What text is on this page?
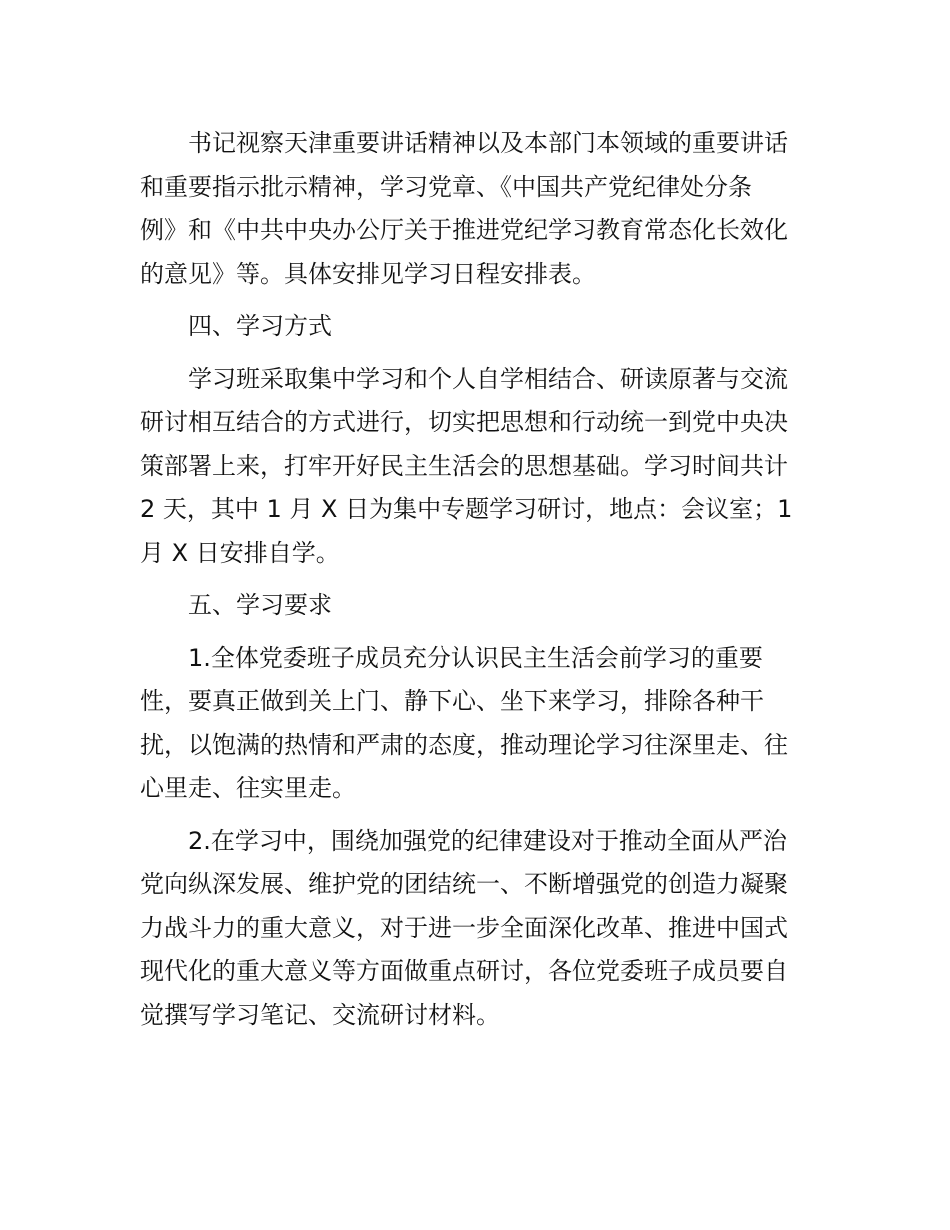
书记视察天津重要讲话精神以及本部门本领域的重要讲话
和重要指示批示精神，学习党章、《中国共产党纪律处分条
例》和《中共中央办公厅关于推进党纪学习教育常态化长效化
的意见》等。具体安排见学习日程安排表。

四、学习方式

学习班采取集中学习和个人自学相结合、研读原著与交流
研讨相互结合的方式进行，切实把思想和行动统一到党中央决
策部署上来，打牢开好民主生活会的思想基础。学习时间共计
2 天，其中 1 月 X 日为集中专题学习研讨，地点：会议室；1
月 X 日安排自学。

五、学习要求

1.全体党委班子成员充分认识民主生活会前学习的重要
性，要真正做到关上门、静下心、坐下来学习，排除各种干
扰，以饱满的热情和严肃的态度，推动理论学习往深里走、往
心里走、往实里走。

2.在学习中，围绕加强党的纪律建设对于推动全面从严治
党向纵深发展、维护党的团结统一、不断增强党的创造力凝聚
力战斗力的重大意义，对于进一步全面深化改革、推进中国式
现代化的重大意义等方面做重点研讨，各位党委班子成员要自
觉撰写学习笔记、交流研讨材料。
